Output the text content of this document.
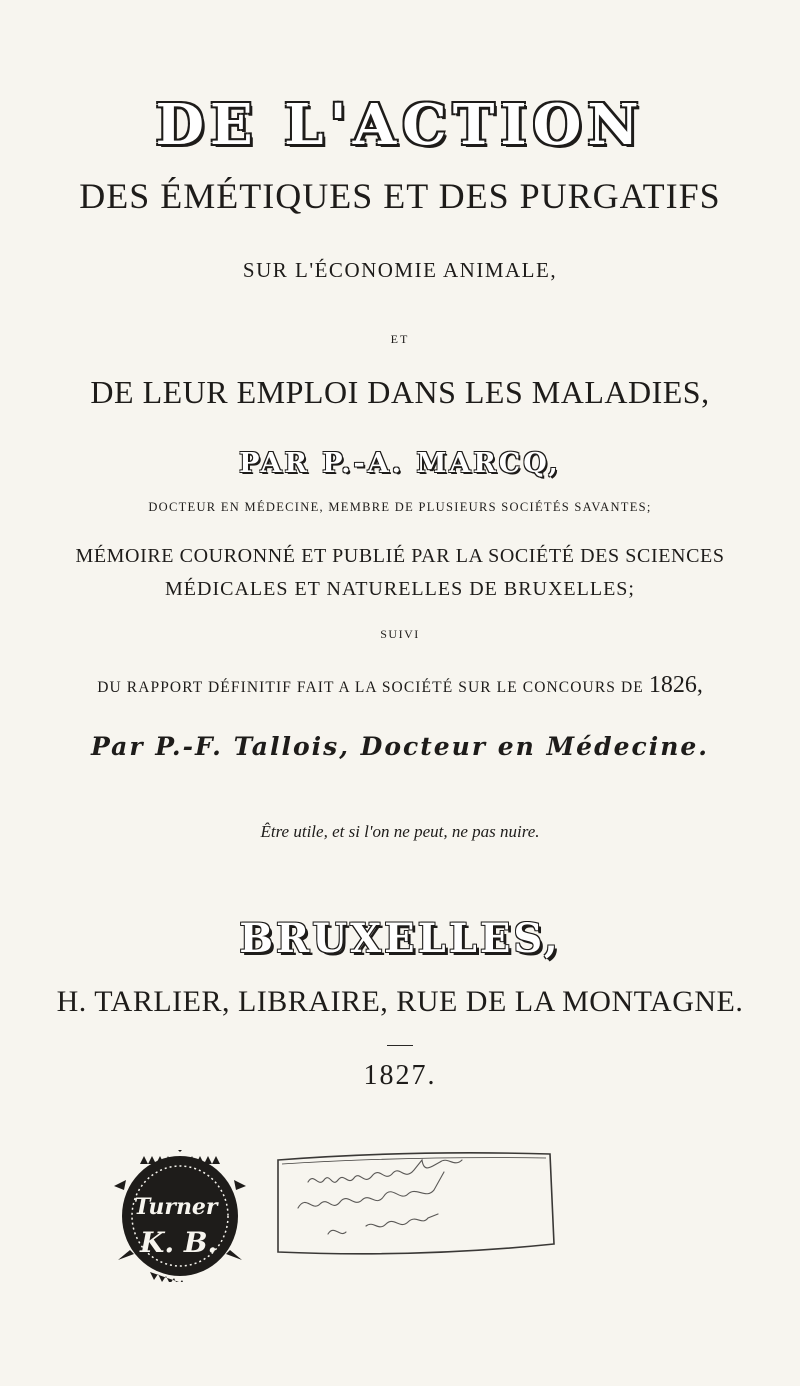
DE L'ACTION
DES ÉMÉTIQUES ET DES PURGATIFS
SUR L'ÉCONOMIE ANIMALE,
ET
DE LEUR EMPLOI DANS LES MALADIES,
PAR P.-A. MARCQ,
DOCTEUR EN MÉDECINE, MEMBRE DE PLUSIEURS SOCIÉTÉS SAVANTES;
MÉMOIRE COURONNÉ ET PUBLIÉ PAR LA SOCIÉTÉ DES SCIENCES
MÉDICALES ET NATURELLES DE BRUXELLES;
SUIVI
DU RAPPORT DÉFINITIF FAIT A LA SOCIÉTÉ SUR LE CONCOURS DE 1826,
Par P.-F. Tallois, Docteur en Médecine.
Être utile, et si l'on ne peut, ne pas nuire.
BRUXELLES,
H. TARLIER, LIBRAIRE, RUE DE LA MONTAGNE.
1827.
Turner
K. B.
